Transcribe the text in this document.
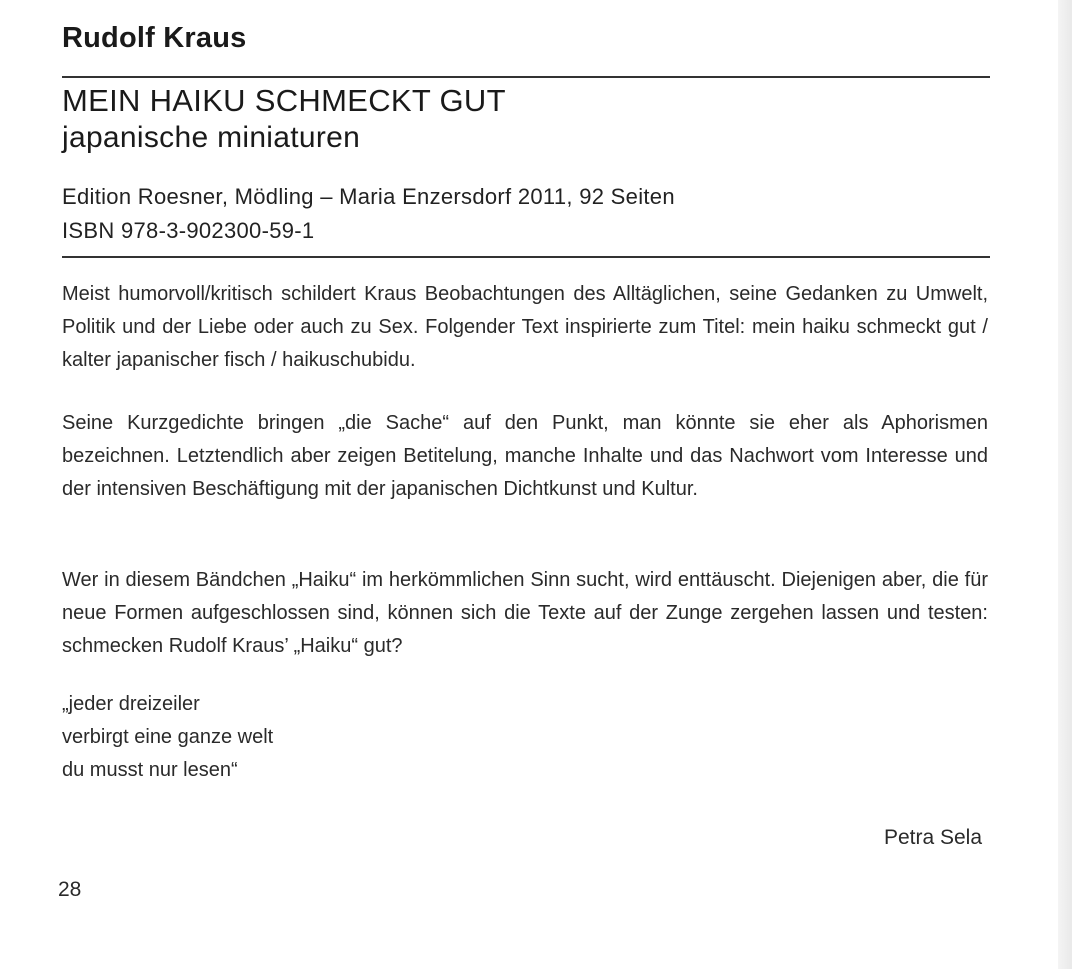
Rudolf Kraus
MEIN HAIKU SCHMECKT GUT
japanische miniaturen

Edition Roesner, Mödling – Maria Enzersdorf 2011, 92 Seiten

ISBN 978-3-902300-59-1

Meist humorvoll/kritisch schildert Kraus Beobachtungen des Alltäglichen, seine Gedanken zu Umwelt, Politik und der Liebe oder auch zu Sex. Folgender Text inspirierte zum Titel: mein haiku schmeckt gut / kalter japanischer fisch / haikuschubidu.

Seine Kurzgedichte bringen „die Sache“ auf den Punkt, man könnte sie eher als Aphorismen bezeichnen. Letztendlich aber zeigen Betitelung, manche Inhalte und das Nachwort vom Interesse und der intensiven Beschäftigung mit der japanischen Dichtkunst und Kultur.

Wer in diesem Bändchen „Haiku“ im herkömmlichen Sinn sucht, wird enttäuscht. Diejenigen aber, die für neue Formen aufgeschlossen sind, können sich die Texte auf der Zunge zergehen lassen und testen: schmecken Rudolf Kraus’ „Haiku“ gut?

„jeder dreizeiler
verbirgt eine ganze welt
du musst nur lesen“

Petra Sela

28
